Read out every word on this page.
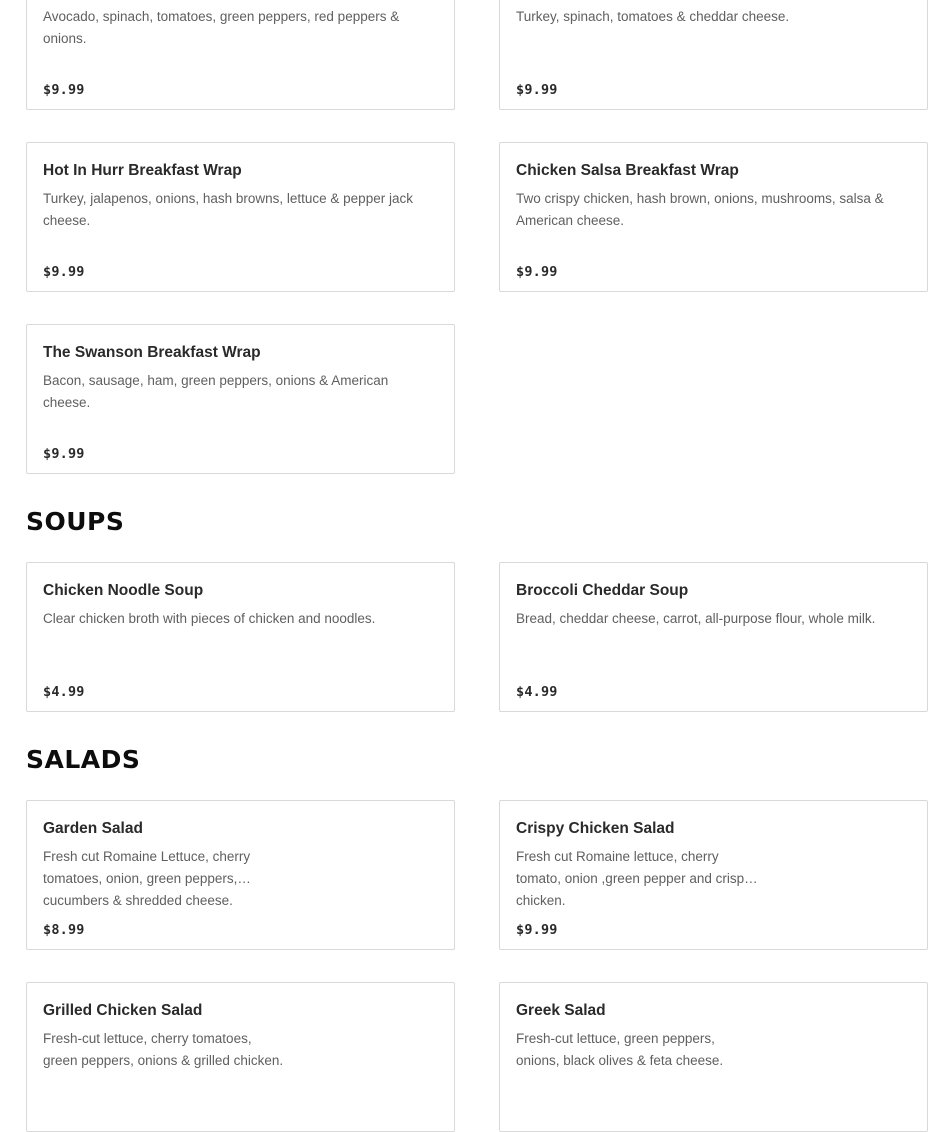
Avocado, spinach, tomatoes, green peppers, red peppers & onions.
$9.99
Turkey, spinach, tomatoes & cheddar cheese.
$9.99
Hot In Hurr Breakfast Wrap
Turkey, jalapenos, onions, hash browns, lettuce & pepper jack cheese.
$9.99
Chicken Salsa Breakfast Wrap
Two crispy chicken, hash brown, onions, mushrooms, salsa & American cheese.
$9.99
The Swanson Breakfast Wrap
Bacon, sausage, ham, green peppers, onions & American cheese.
$9.99
SOUPS
Chicken Noodle Soup
Clear chicken broth with pieces of chicken and noodles.
$4.99
Broccoli Cheddar Soup
Bread, cheddar cheese, carrot, all-purpose flour, whole milk.
$4.99
SALADS
Garden Salad
Fresh cut Romaine Lettuce, cherry tomatoes, onion, green peppers, cucumbers & shredded cheese.
$8.99
Crispy Chicken Salad
Fresh cut Romaine lettuce, cherry tomato, onion ,green pepper and crispy chicken.
$9.99
Grilled Chicken Salad
Fresh-cut lettuce, cherry tomatoes, green peppers, onions & grilled chicken.
Greek Salad
Fresh-cut lettuce, green peppers, onions, black olives & feta cheese.
